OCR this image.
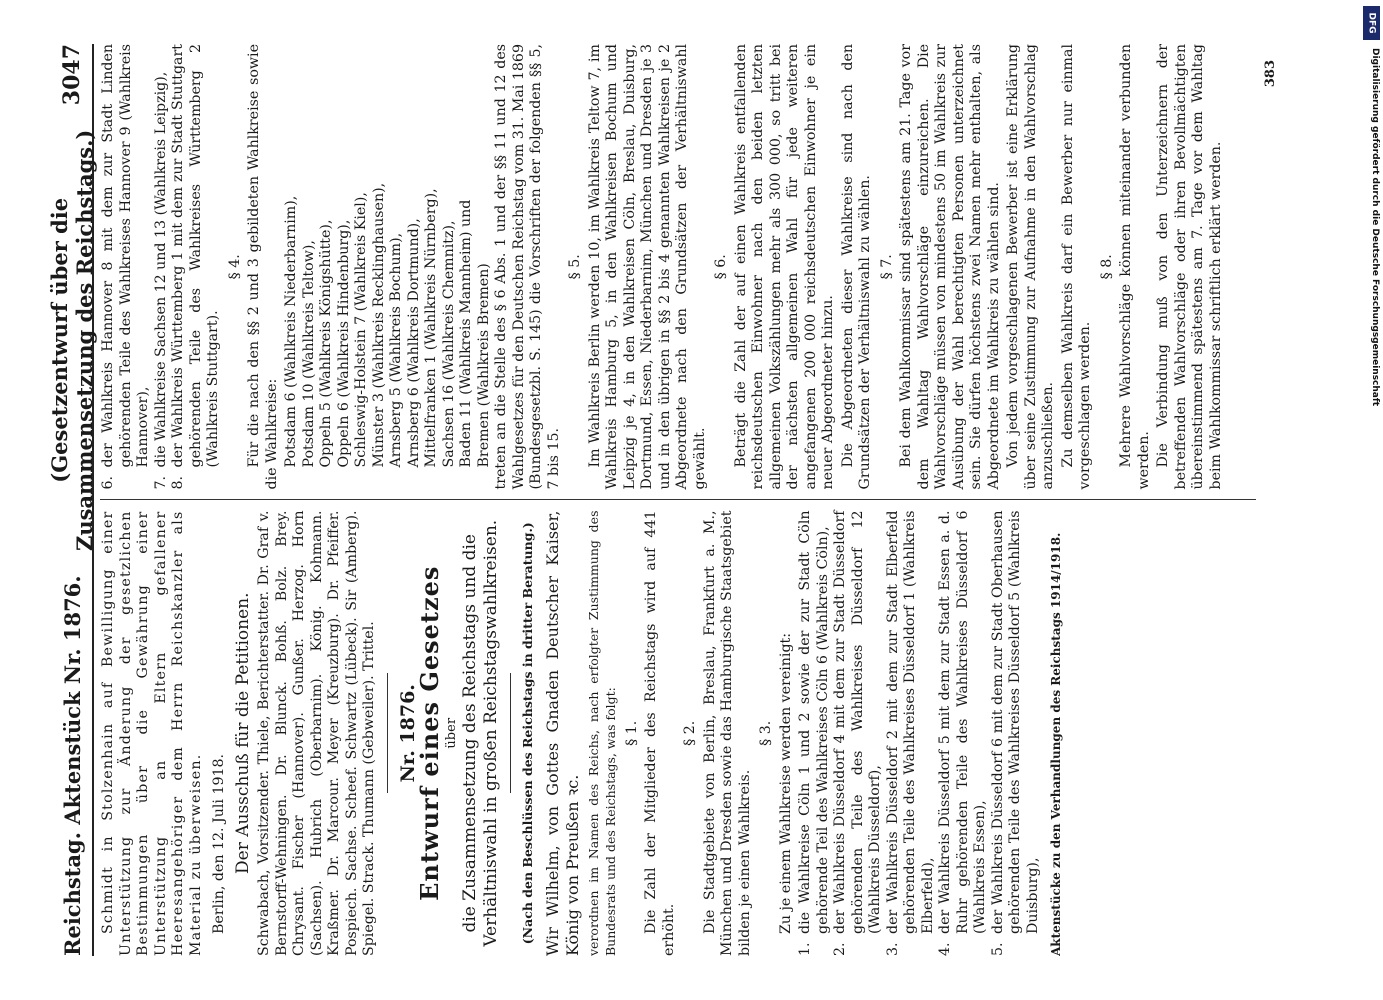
Reichstag. Aktenstück Nr. 1876.
(Gesetzentwurf über die Zusammensetzung des Reichstags.)
3047

Schmidt in Stolzenhain auf Bewilligung einer Unterstützung zur Änderung der gesetzlichen Bestimmungen über die Gewährung einer Unterstützung an Eltern gefallener Heeresangehöriger dem Herrn Reichskanzler als Material zu überweisen. Berlin, den 12. Juli 1918. Der Ausschuß für die Petitionen. Schwabach, Vorsitzender. Thiele, Berichterstatter. Dr. Graf v. Bernstorff-Wehningen. Dr. Blunck. Bohß. Bolz. Brey. Chrysant. Fischer (Hannover). Gunßer. Herzog. Horn (Sachsen). Hubrich (Oberbarnim). König. Kohmann. Kraßmer. Dr. Marcour. Meyer (Kreuzburg). Dr. Pfeiffer. Pospiech. Sachse. Scheef. Schwartz (Lübeck). Sir (Amberg). Spiegel. Strack. Thumann (Gebweiler). Trittel. Nr. 1876.
Entwurf eines Gesetzes über die Zusammensetzung des Reichstags und die Verhältniswahl in großen Reichstagswahlkreisen. (Nach den Beschlüssen des Reichstags in dritter Beratung.) Wir Wilhelm, von Gottes Gnaden Deutscher Kaiser, König von Preußen ꝛc. verordnen im Namen des Reichs, nach erfolgter Zustimmung des Bundesrats und des Reichstags, was folgt: § 1. Die Zahl der Mitglieder des Reichstags wird auf 441 erhöht.

§ 2. Die Stadtgebiete von Berlin, Breslau, Frankfurt a. M., München und Dresden sowie das Hamburgische Staatsgebiet bilden je einen Wahlkreis.

§ 3. Zu je einem Wahlkreise werden vereinigt:

1.
die Wahlkreise Cöln 1 und 2 sowie der zur Stadt Cöln gehörende Teil des Wahlkreises Cöln 6 (Wahlkreis Cöln),
2.
der Wahlkreis Düsseldorf 4 mit dem zur Stadt Düsseldorf gehörenden Teile des Wahlkreises Düsseldorf 12 (Wahlkreis Düsseldorf),
3.
der Wahlkreis Düsseldorf 2 mit dem zur Stadt Elberfeld gehörenden Teile des Wahlkreises Düsseldorf 1 (Wahlkreis Elberfeld),
4.
der Wahlkreis Düsseldorf 5 mit dem zur Stadt Essen a. d. Ruhr gehörenden Teile des Wahlkreises Düsseldorf 6 (Wahlkreis Essen),
5.
der Wahlkreis Düsseldorf 6 mit dem zur Stadt Oberhausen gehörenden Teile des Wahlkreises Düsseldorf 5 (Wahlkreis Duisburg), Aktenstücke zu den Verhandlungen des Reichstags 1914/1918.
6.
der Wahlkreis Hannover 8 mit dem zur Stadt Linden gehörenden Teile des Wahlkreises Hannover 9 (Wahlkreis Hannover),
7.
die Wahlkreise Sachsen 12 und 13 (Wahlkreis Leipzig),
8.
der Wahlkreis Württemberg 1 mit dem zur Stadt Stuttgart gehörenden Teile des Wahlkreises Württemberg 2 (Wahlkreis Stuttgart).
§ 4. Für die nach den §§ 2 und 3 gebildeten Wahlkreise sowie die Wahlkreise: Potsdam 6 (Wahlkreis Niederbarnim), Potsdam 10 (Wahlkreis Teltow), Oppeln 5 (Wahlkreis Königshütte), Oppeln 6 (Wahlkreis Hindenburg), Schleswig-Holstein 7 (Wahlkreis Kiel), Münster 3 (Wahlkreis Recklinghausen), Arnsberg 5 (Wahlkreis Bochum), Arnsberg 6 (Wahlkreis Dortmund), Mittelfranken 1 (Wahlkreis Nürnberg), Sachsen 16 (Wahlkreis Chemnitz), Baden 11 (Wahlkreis Mannheim) und Bremen (Wahlkreis Bremen) treten an die Stelle des § 6 Abs. 1 und der §§ 11 und 12 des Wahlgesetzes für den Deutschen Reichstag vom 31. Mai 1869 (Bundesgesetzbl. S. 145) die Vorschriften der folgenden §§ 5, 7 bis 15.

§ 5. Im Wahlkreis Berlin werden 10, im Wahlkreis Teltow 7, im Wahlkreis Hamburg 5, in den Wahlkreisen Bochum und Leipzig je 4, in den Wahlkreisen Cöln, Breslau, Duisburg, Dortmund, Essen, Niederbarnim, München und Dresden je 3 und in den übrigen in §§ 2 bis 4 genannten Wahlkreisen je 2 Abgeordnete nach den Grundsätzen der Verhältniswahl gewählt.

§ 6. Beträgt die Zahl der auf einen Wahlkreis entfallenden reichsdeutschen Einwohner nach den beiden letzten allgemeinen Volkszählungen mehr als 300 000, so tritt bei der nächsten allgemeinen Wahl für jede weiteren angefangenen 200 000 reichsdeutschen Einwohner je ein neuer Abgeordneter hinzu. Die Abgeordneten dieser Wahlkreise sind nach den Grundsätzen der Verhältniswahl zu wählen. § 7. Bei dem Wahlkommissar sind spätestens am 21. Tage vor dem Wahltag Wahlvorschläge einzureichen. Die Wahlvorschläge müssen von mindestens 50 im Wahlkreis zur Ausübung der Wahl berechtigten Personen unterzeichnet sein. Sie dürfen höchstens zwei Namen mehr enthalten, als Abgeordnete im Wahlkreis zu wählen sind. Von jedem vorgeschlagenen Bewerber ist eine Erklärung über seine Zustimmung zur Aufnahme in den Wahlvorschlag anzuschließen. Zu demselben Wahlkreis darf ein Bewerber nur einmal vorgeschlagen werden.

§ 8. Mehrere Wahlvorschläge können miteinander verbunden werden. Die Verbindung muß von den Unterzeichnern der betreffenden Wahlvorschläge oder ihren Bevollmächtigten übereinstimmend spätestens am 7. Tage vor dem Wahltag beim Wahlkommissar schriftlich erklärt werden.

383
DFG
Digitalisierung gefördert durch die Deutsche Forschungsgemeinschaft
